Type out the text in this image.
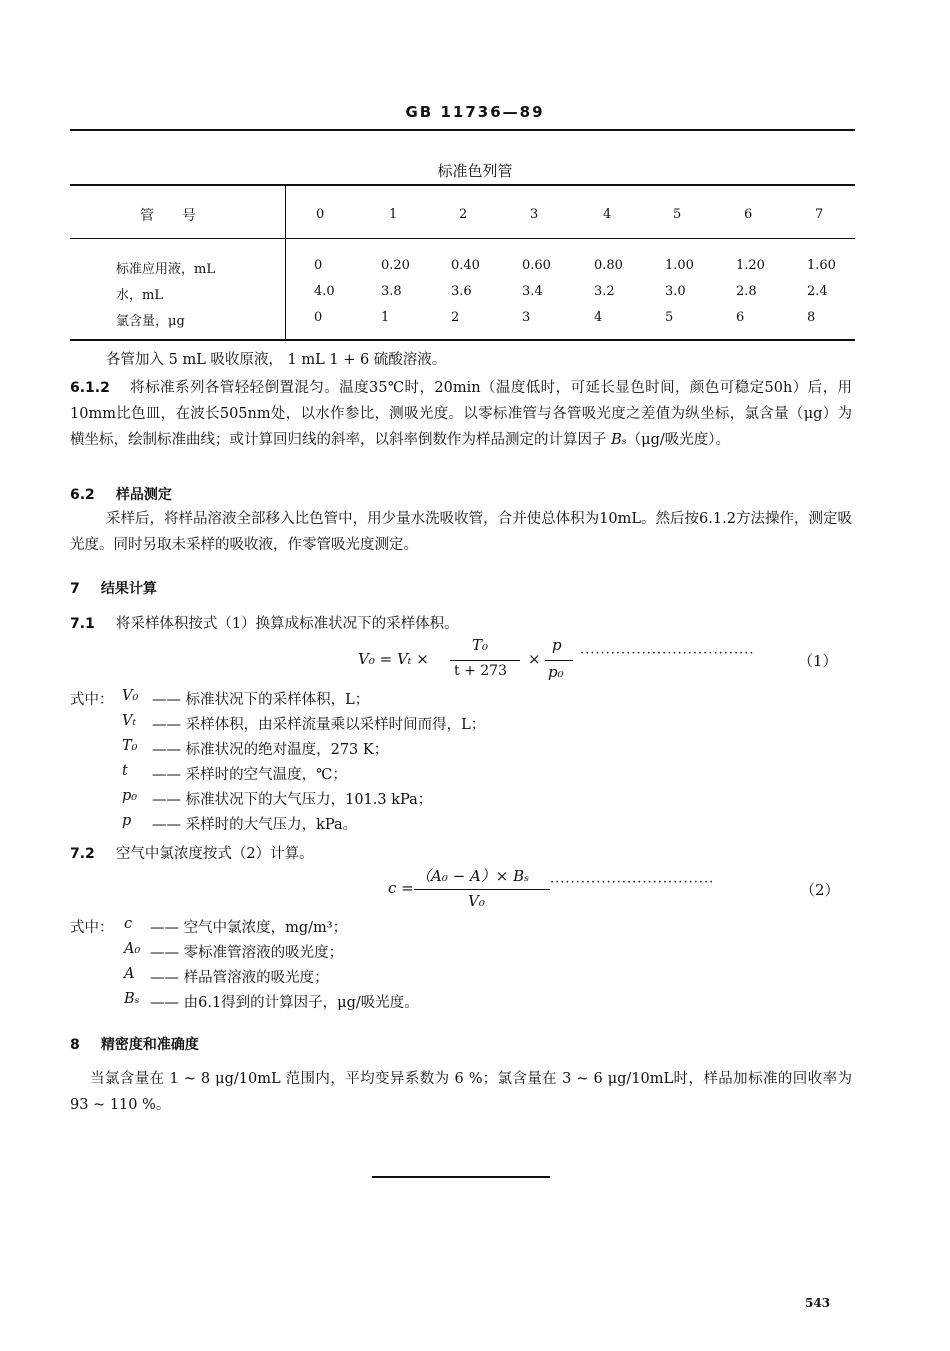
GB 11736—89
标准色列管
管　　号	0	1	2	3	4	5	6	7
标准应用液，mL	0	0.20	0.40	0.60	0.80	1.00	1.20	1.60
水，mL	4.0	3.8	3.6	3.4	3.2	3.0	2.8	2.4
氯含量，μg	0	1	2	3	4	5	6	8

各管加入 5 mL 吸收原液， 1 mL 1 + 6 硫酸溶液。

6.1.2　 将标准系列各管轻轻倒置混匀。温度35℃时，20min（温度低时，可延长显色时间，颜色可稳定50h）后，用10mm比色皿，在波长505nm处，以水作参比，测吸光度。以零标准管与各管吸光度之差值为纵坐标，氯含量（μg）为横坐标，绘制标准曲线；或计算回归线的斜率，以斜率倒数作为样品测定的计算因子 Bₛ（μg/吸光度）。

6.2　 样品测定

采样后，将样品溶液全部移入比色管中，用少量水洗吸收管，合并使总体积为10mL。然后按6.1.2方法操作，测定吸光度。同时另取未采样的吸收液，作零管吸光度测定。

7　 结果计算
7.1　 将采样体积按式（1）换算成标准状况下的采样体积。
V₀ = Vₜ ×
T₀
t + 273
×
p
p₀
··································	（1）
式中： V₀ —— 标准状况下的采样体积，L；
Vₜ —— 采样体积，由采样流量乘以采样时间而得，L；
T₀ —— 标准状况的绝对温度，273 K；
t —— 采样时的空气温度，℃；
p₀ —— 标准状况下的大气压力，101.3 kPa；
p —— 采样时的大气压力，kPa。
7.2　 空气中氯浓度按式（2）计算。
c =
（A₀ − A）× Bₛ
V₀
································	（2）
式中： c —— 空气中氯浓度，mg/m³；
A₀ —— 零标准管溶液的吸光度；
A —— 样品管溶液的吸光度；
Bₛ —— 由6.1得到的计算因子，μg/吸光度。
8　 精密度和准确度

当氯含量在 1 ~ 8 μg/10mL 范围内，平均变异系数为 6 %；氯含量在 3 ~ 6 μg/10mL时，样品加标准的回收率为93 ~ 110 %。

543
